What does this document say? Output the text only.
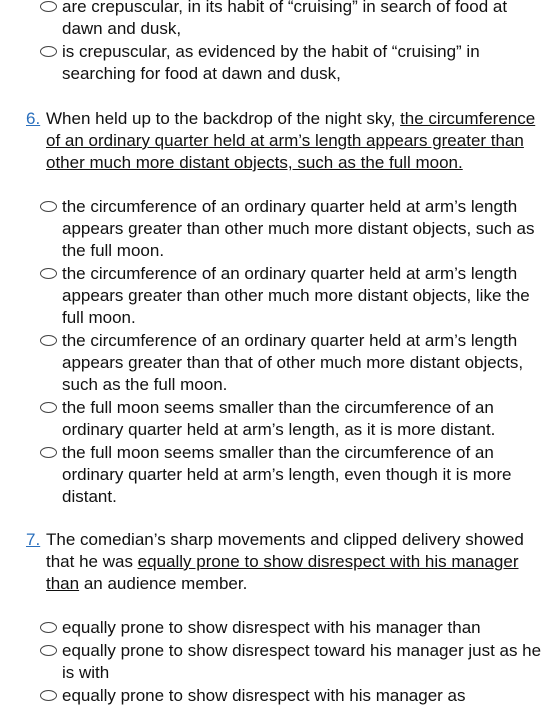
are crepuscular, in its habit of “cruising” in search of food at dawn and dusk,
is crepuscular, as evidenced by the habit of “cruising” in searching for food at dawn and dusk,
6. When held up to the backdrop of the night sky, the circumference of an ordinary quarter held at arm’s length appears greater than other much more distant objects, such as the full moon.
the circumference of an ordinary quarter held at arm’s length appears greater than other much more distant objects, such as the full moon.
the circumference of an ordinary quarter held at arm’s length appears greater than other much more distant objects, like the full moon.
the circumference of an ordinary quarter held at arm’s length appears greater than that of other much more distant objects, such as the full moon.
the full moon seems smaller than the circumference of an ordinary quarter held at arm’s length, as it is more distant.
the full moon seems smaller than the circumference of an ordinary quarter held at arm’s length, even though it is more distant.
7. The comedian’s sharp movements and clipped delivery showed that he was equally prone to show disrespect with his manager than an audience member.
equally prone to show disrespect with his manager than
equally prone to show disrespect toward his manager just as he is with
equally prone to show disrespect with his manager as
